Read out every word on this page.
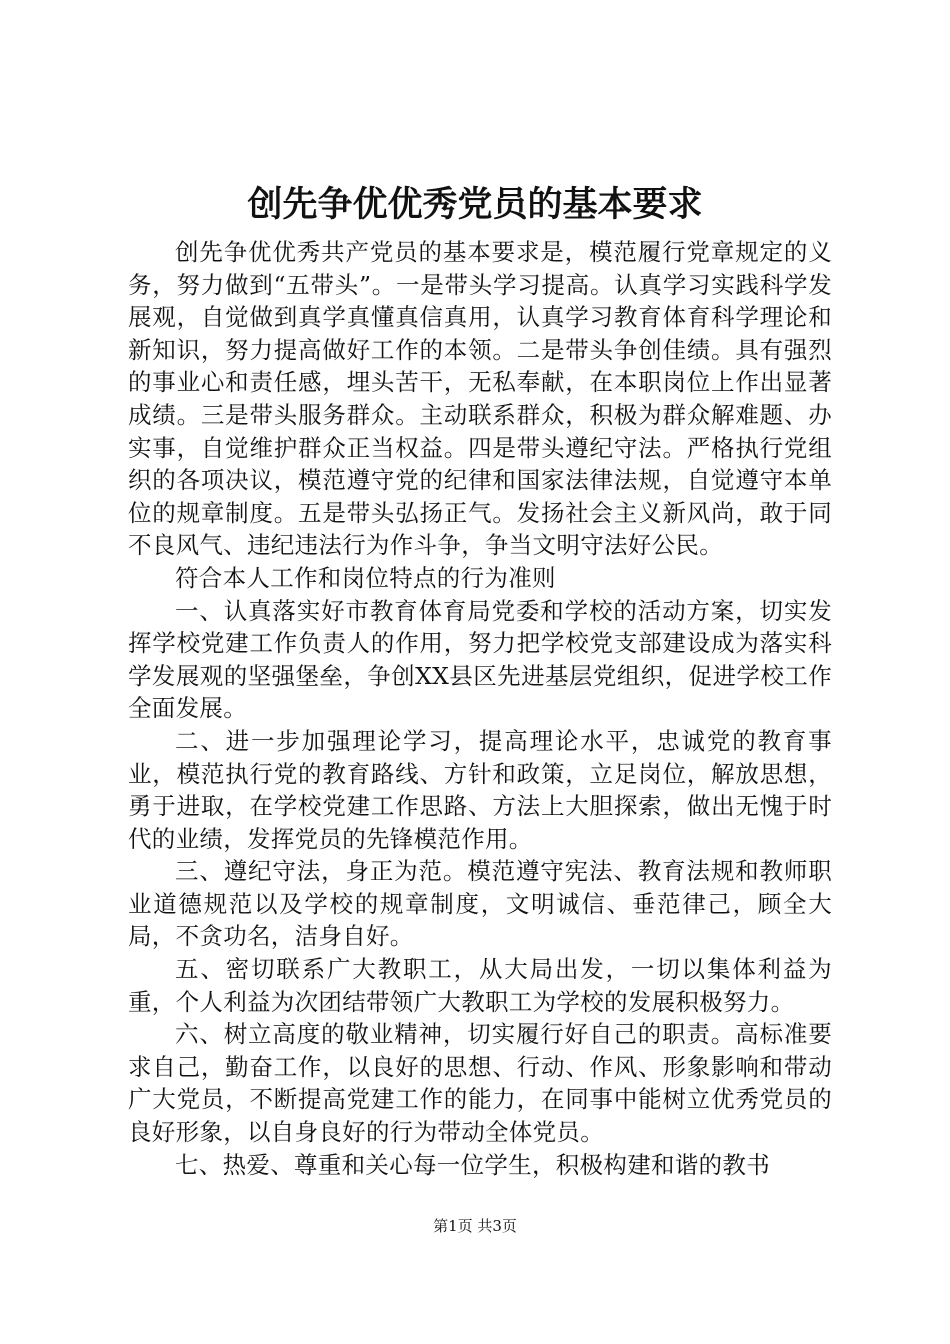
创先争优优秀党员的基本要求

创先争优优秀共产党员的基本要求是，模范履行党章规定的义务，努力做到“五带头”。一是带头学习提高。认真学习实践科学发展观，自觉做到真学真懂真信真用，认真学习教育体育科学理论和新知识，努力提高做好工作的本领。二是带头争创佳绩。具有强烈的事业心和责任感，埋头苦干，无私奉献，在本职岗位上作出显著成绩。三是带头服务群众。主动联系群众，积极为群众解难题、办实事，自觉维护群众正当权益。四是带头遵纪守法。严格执行党组织的各项决议，模范遵守党的纪律和国家法律法规，自觉遵守本单位的规章制度。五是带头弘扬正气。发扬社会主义新风尚，敢于同不良风气、违纪违法行为作斗争，争当文明守法好公民。

符合本人工作和岗位特点的行为准则

一、认真落实好市教育体育局党委和学校的活动方案，切实发挥学校党建工作负责人的作用，努力把学校党支部建设成为落实科学发展观的坚强堡垒，争创XX县区先进基层党组织，促进学校工作全面发展。

二、进一步加强理论学习，提高理论水平，忠诚党的教育事业，模范执行党的教育路线、方针和政策，立足岗位，解放思想，勇于进取，在学校党建工作思路、方法上大胆探索，做出无愧于时代的业绩，发挥党员的先锋模范作用。

三、遵纪守法，身正为范。模范遵守宪法、教育法规和教师职业道德规范以及学校的规章制度，文明诚信、垂范律己，顾全大局，不贪功名，洁身自好。

五、密切联系广大教职工，从大局出发，一切以集体利益为重，个人利益为次团结带领广大教职工为学校的发展积极努力。

六、树立高度的敬业精神，切实履行好自己的职责。高标准要求自己，勤奋工作，以良好的思想、行动、作风、形象影响和带动广大党员，不断提高党建工作的能力，在同事中能树立优秀党员的良好形象，以自身良好的行为带动全体党员。

七、热爱、尊重和关心每一位学生，积极构建和谐的教书

第1页 共3页
